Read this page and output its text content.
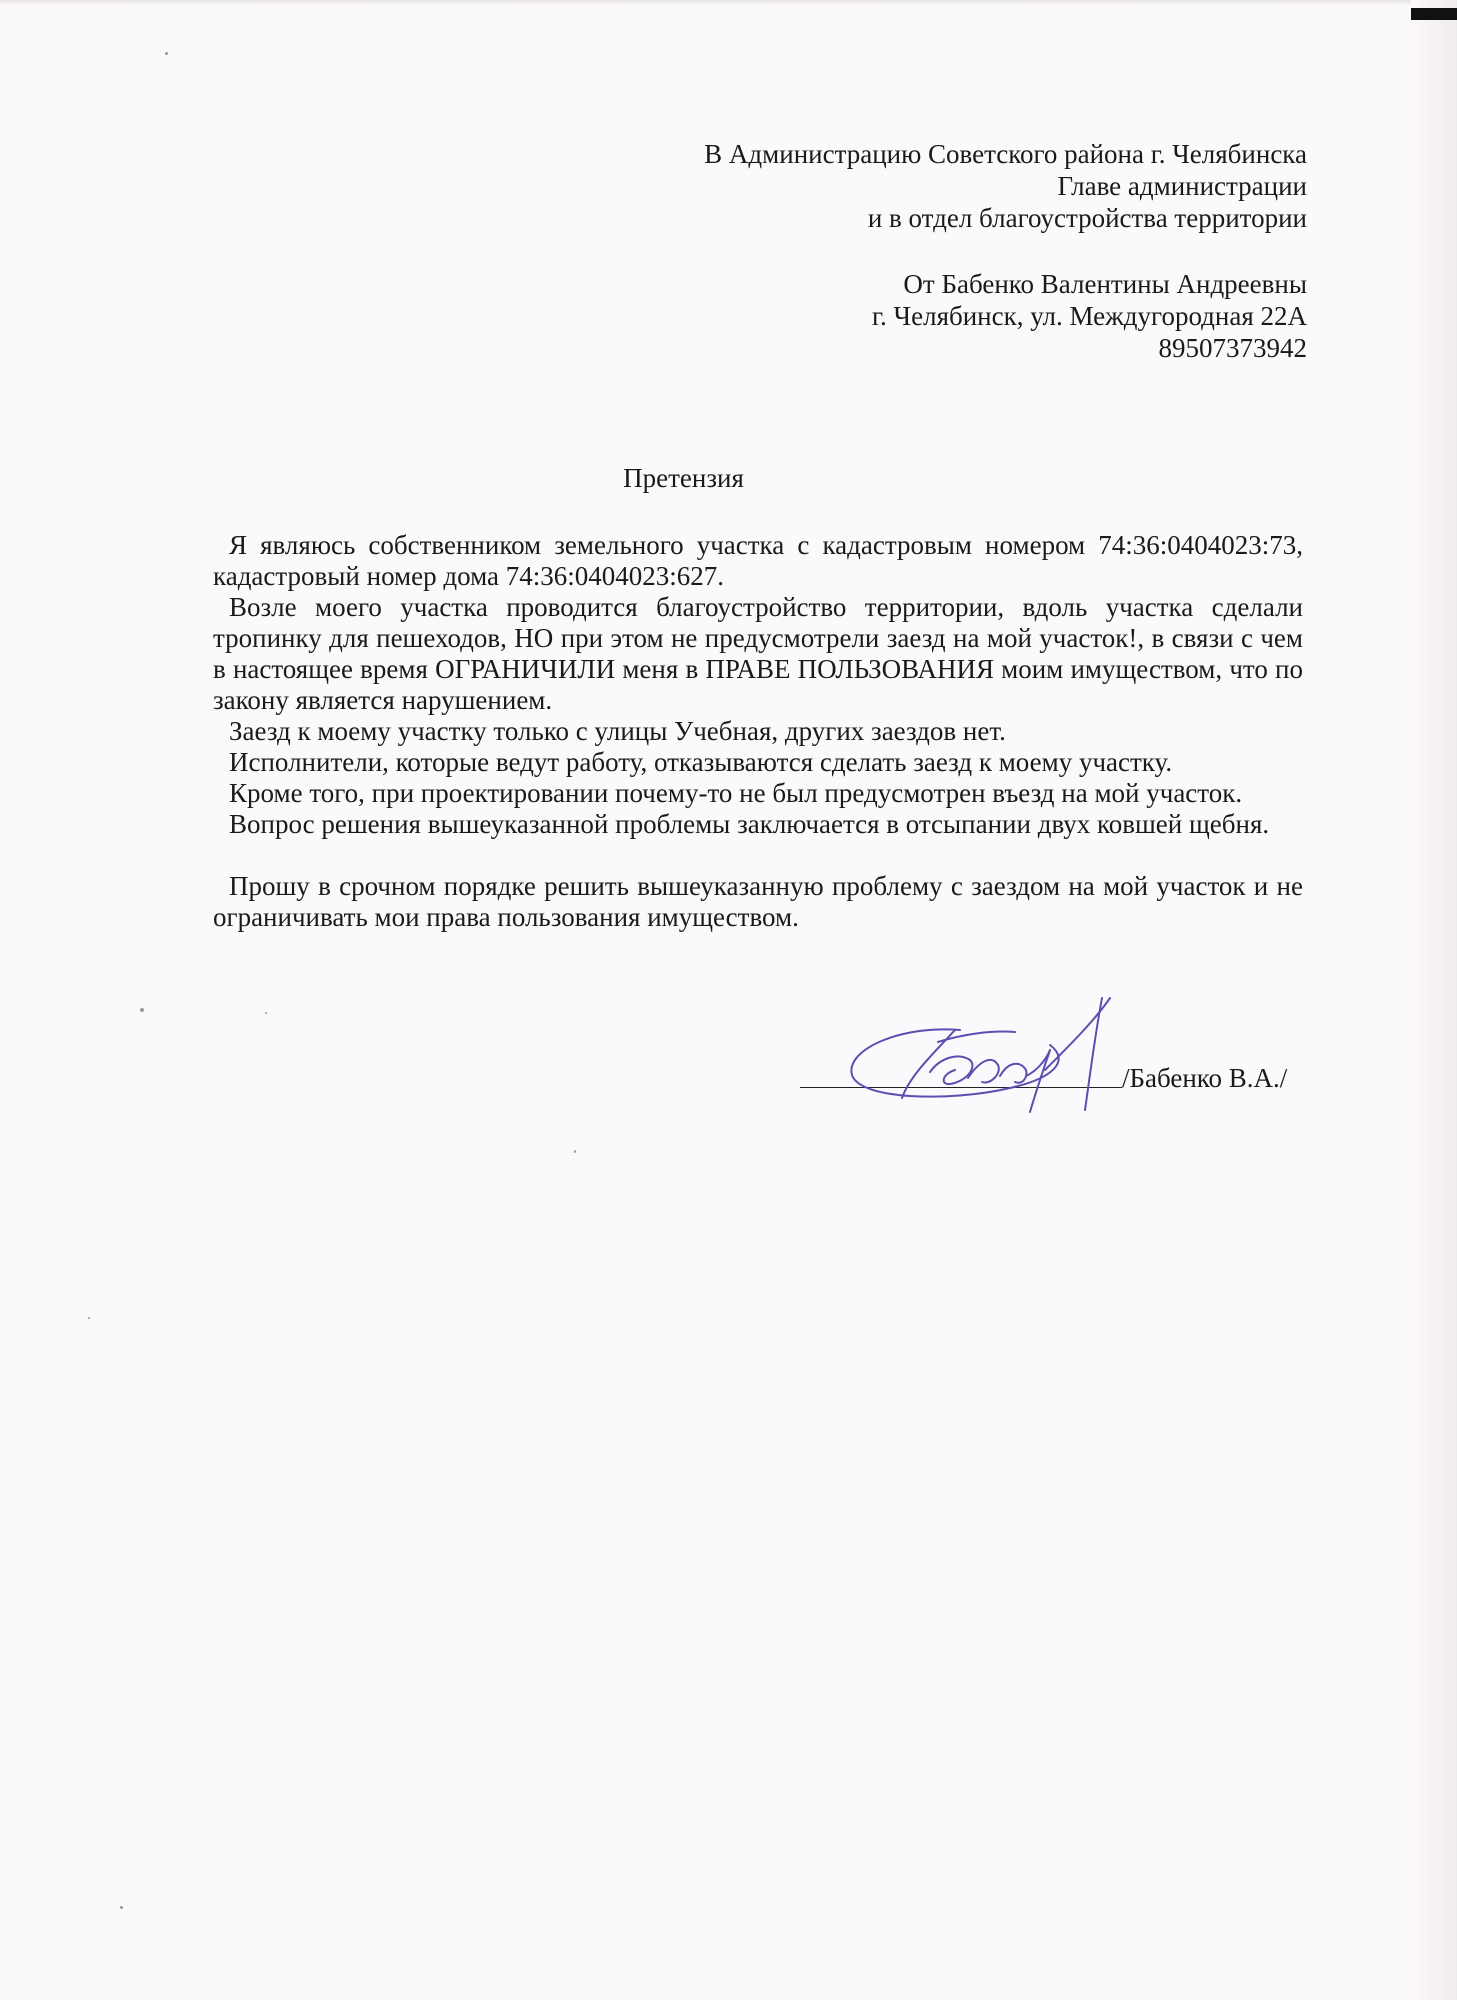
В Администрацию Советского района г. Челябинска
Главе администрации
и в отдел благоустройства территории
От Бабенко Валентины Андреевны
г. Челябинск, ул. Междугородная 22А
89507373942
Претензия

Я являюсь собственником земельного участка с кадастровым номером 74:36:0404023:73, кадастровый номер дома 74:36:0404023:627.

Возле моего участка проводится благоустройство территории, вдоль участка сделали тропинку для пешеходов, НО при этом не предусмотрели заезд на мой участок!, в связи с чем в настоящее время ОГРАНИЧИЛИ меня в ПРАВЕ ПОЛЬЗОВАНИЯ моим имуществом, что по закону является нарушением.

Заезд к моему участку только с улицы Учебная, других заездов нет.

Исполнители, которые ведут работу, отказываются сделать заезд к моему участку.

Кроме того, при проектировании почему-то не был предусмотрен въезд на мой участок.

Вопрос решения вышеуказанной проблемы заключается в отсыпании двух ковшей щебня.

Прошу в срочном порядке решить вышеуказанную проблему с заездом на мой участок и не ограничивать мои права пользования имуществом.

/Бабенко В.А./
